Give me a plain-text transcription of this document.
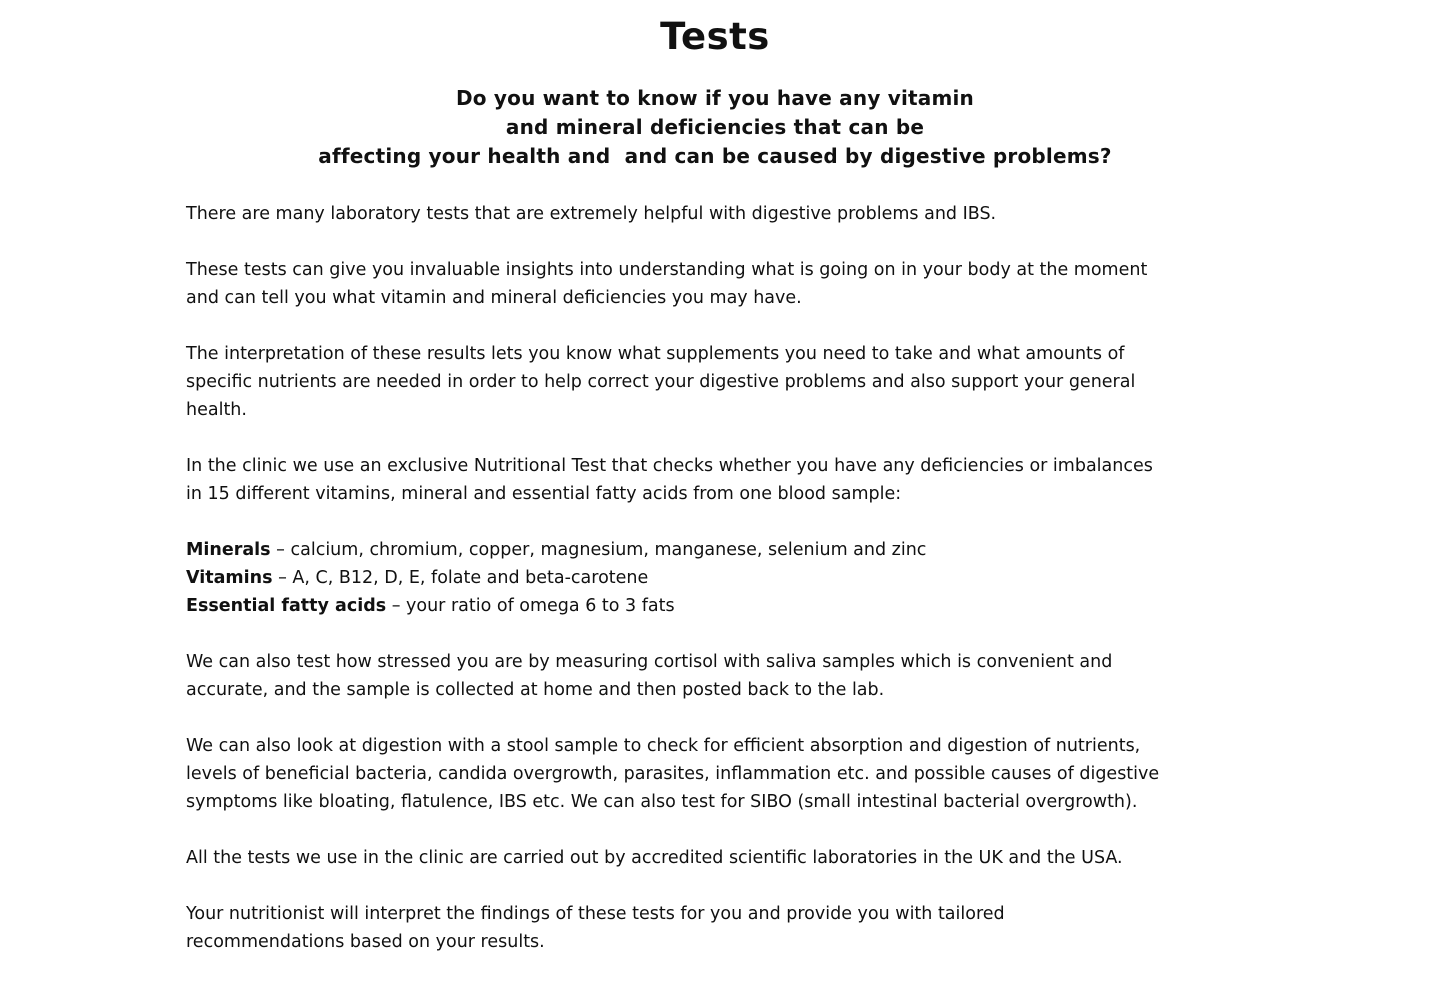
Tests
Do you want to know if you have any vitamin
and mineral deficiencies that can be
affecting your health and  and can be caused by digestive problems?

There are many laboratory tests that are extremely helpful with digestive problems and IBS.

These tests can give you invaluable insights into understanding what is going on in your body at the moment
and can tell you what vitamin and mineral deficiencies you may have.

The interpretation of these results lets you know what supplements you need to take and what amounts of
specific nutrients are needed in order to help correct your digestive problems and also support your general
health.

In the clinic we use an exclusive Nutritional Test that checks whether you have any deficiencies or imbalances
in 15 different vitamins, mineral and essential fatty acids from one blood sample:

Minerals – calcium, chromium, copper, magnesium, manganese, selenium and zinc

Vitamins – A, C, B12, D, E, folate and beta-carotene

Essential fatty acids – your ratio of omega 6 to 3 fats

We can also test how stressed you are by measuring cortisol with saliva samples which is convenient and
accurate, and the sample is collected at home and then posted back to the lab.

We can also look at digestion with a stool sample to check for efficient absorption and digestion of nutrients,
levels of beneficial bacteria, candida overgrowth, parasites, inflammation etc. and possible causes of digestive
symptoms like bloating, flatulence, IBS etc. We can also test for SIBO (small intestinal bacterial overgrowth).

All the tests we use in the clinic are carried out by accredited scientific laboratories in the UK and the USA.

Your nutritionist will interpret the findings of these tests for you and provide you with tailored
recommendations based on your results.
